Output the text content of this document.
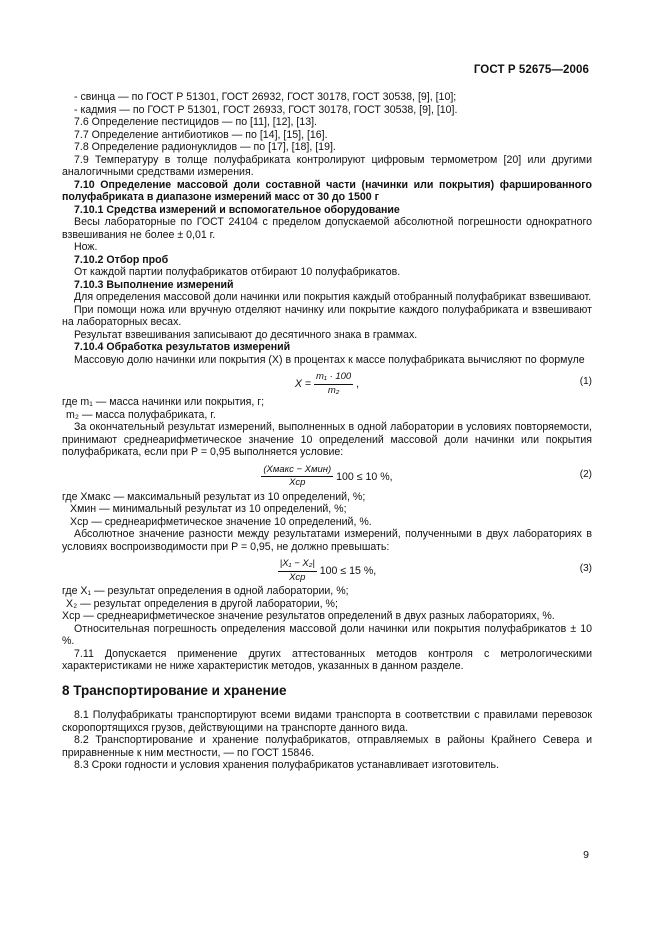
ГОСТ Р 52675—2006

- свинца — по ГОСТ Р 51301, ГОСТ 26932, ГОСТ 30178, ГОСТ 30538, [9], [10];

- кадмия — по ГОСТ Р 51301, ГОСТ 26933, ГОСТ 30178, ГОСТ 30538, [9], [10].

7.6 Определение пестицидов — по [11], [12], [13].

7.7 Определение антибиотиков — по [14], [15], [16].

7.8 Определение радионуклидов — по [17], [18], [19].

7.9 Температуру в толще полуфабриката контролируют цифровым термометром [20] или другими аналогичными средствами измерения.

7.10 Определение массовой доли составной части (начинки или покрытия) фаршированного полуфабриката в диапазоне измерений масс от 30 до 1500 г

7.10.1 Средства измерений и вспомогательное оборудование

Весы лабораторные по ГОСТ 24104 с пределом допускаемой абсолютной погрешности однократного взвешивания не более ± 0,01 г.

Нож.

7.10.2 Отбор проб

От каждой партии полуфабрикатов отбирают 10 полуфабрикатов.

7.10.3 Выполнение измерений

Для определения массовой доли начинки или покрытия каждый отобранный полуфабрикат взвешивают.

При помощи ножа или вручную отделяют начинку или покрытие каждого полуфабриката и взвешивают на лабораторных весах.

Результат взвешивания записывают до десятичного знака в граммах.

7.10.4 Обработка результатов измерений

Массовую долю начинки или покрытия (X) в процентах к массе полуфабриката вычисляют по формуле

$X = \frac{\text{m₁ · 100}}{\text{m₂}}$ ,	(1)

где m₁ — масса начинки или покрытия, г;

m₂ — масса полуфабриката, г.

За окончательный результат измерений, выполненных в одной лаборатории в условиях повторяемости, принимают среднеарифметическое значение 10 определений массовой доли начинки или покрытия полуфабриката, если при P = 0,95 выполняется условие:

$\frac{\text{(Xмакс − Xмин)}}{\text{Xср}} 100 \le 10$ %,	(2)

где Xмакс — максимальный результат из 10 определений, %;

Xмин — минимальный результат из 10 определений, %;

Xср — среднеарифметическое значение 10 определений, %.

Абсолютное значение разности между результатами измерений, полученными в двух лабораториях в условиях воспроизводимости при P = 0,95, не должно превышать:

$\frac{\text{|X₁ − X₂|}}{\text{Xср}} 100 \le 15$ %,	(3)

где X₁ — результат определения в одной лаборатории, %;

X₂ — результат определения в другой лаборатории, %;

Xср — среднеарифметическое значение результатов определений в двух разных лабораториях, %.

Относительная погрешность определения массовой доли начинки или покрытия полуфабрикатов ± 10 %.

7.11 Допускается применение других аттестованных методов контроля с метрологическими характеристиками не ниже характеристик методов, указанных в данном разделе.

8 Транспортирование и хранение

8.1 Полуфабрикаты транспортируют всеми видами транспорта в соответствии с правилами перевозок скоропортящихся грузов, действующими на транспорте данного вида.

8.2 Транспортирование и хранение полуфабрикатов, отправляемых в районы Крайнего Севера и приравненные к ним местности, — по ГОСТ 15846.

8.3 Сроки годности и условия хранения полуфабрикатов устанавливает изготовитель.

9
